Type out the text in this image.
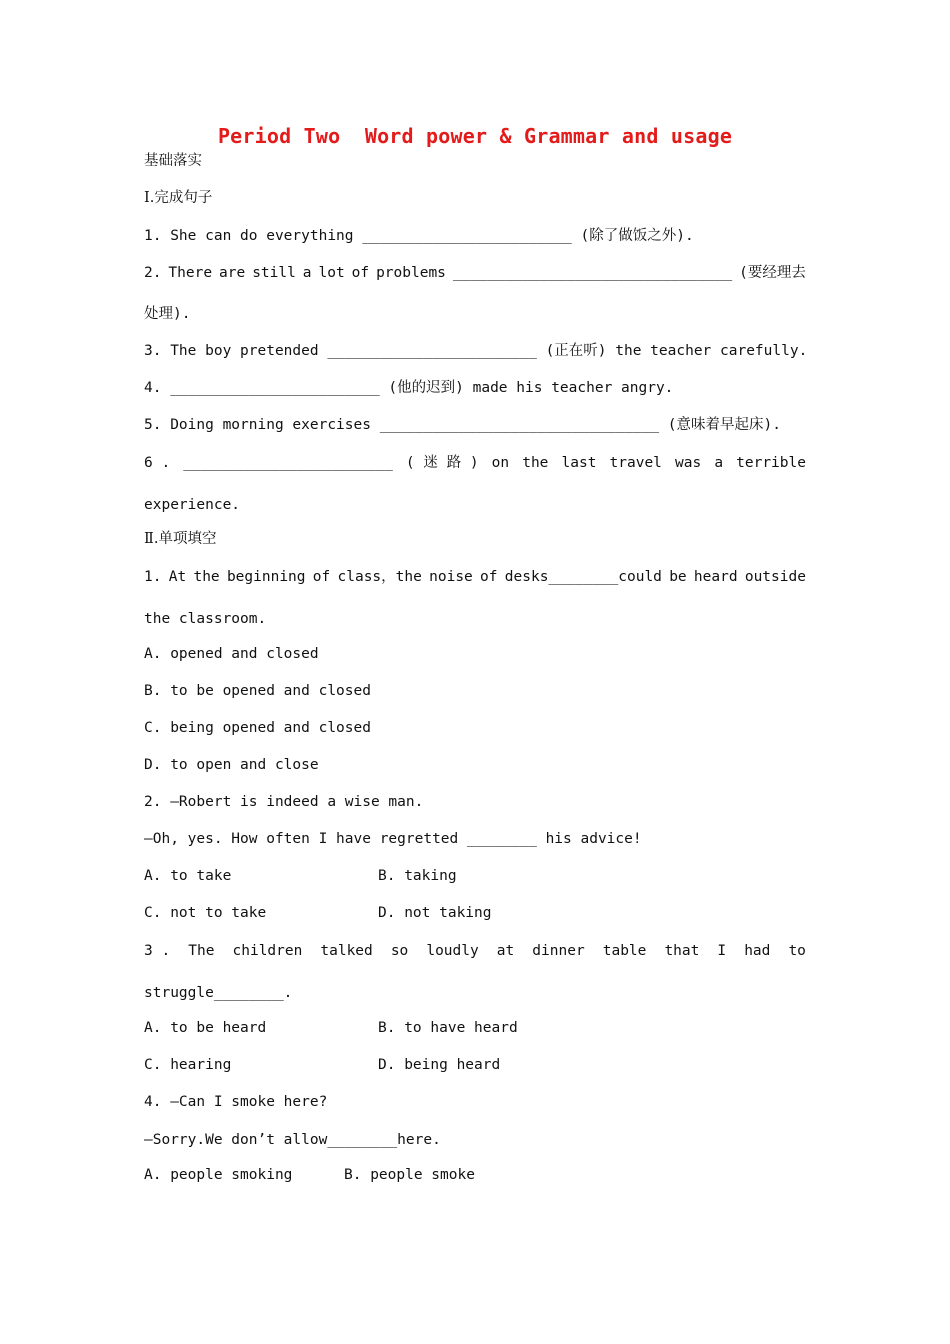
Period Two  Word power & Grammar and usage
基础落实
I.完成句子
1. She can do everything ________________________ (除了做饭之外).
2. There are still a lot of problems ________________________________ (要经理去
处理).
3. The boy pretended ________________________ (正在听) the teacher carefully.
4. ________________________ (他的迟到) made his teacher angry.
5. Doing morning exercises ________________________________ (意味着早起床).
6 . ________________________ ( 迷 路 ) on the last travel was a terrible
experience.
Ⅱ.单项填空
1. At the beginning of class，the noise of desks________could be heard outside
the classroom.
A. opened and closed
B. to be opened and closed
C. being opened and closed
D. to open and close
2. —Robert is indeed a wise man.
—Oh, yes. How often I have regretted ________ his advice!
A. to take	B. taking
C. not to take	D. not taking
3 . The children talked so loudly at dinner table that I had to
struggle________.
A. to be heard	B. to have heard
C. hearing	D. being heard
4. —Can I smoke here?
—Sorry.We don’t allow________here.
A. people smoking	B. people smoke
